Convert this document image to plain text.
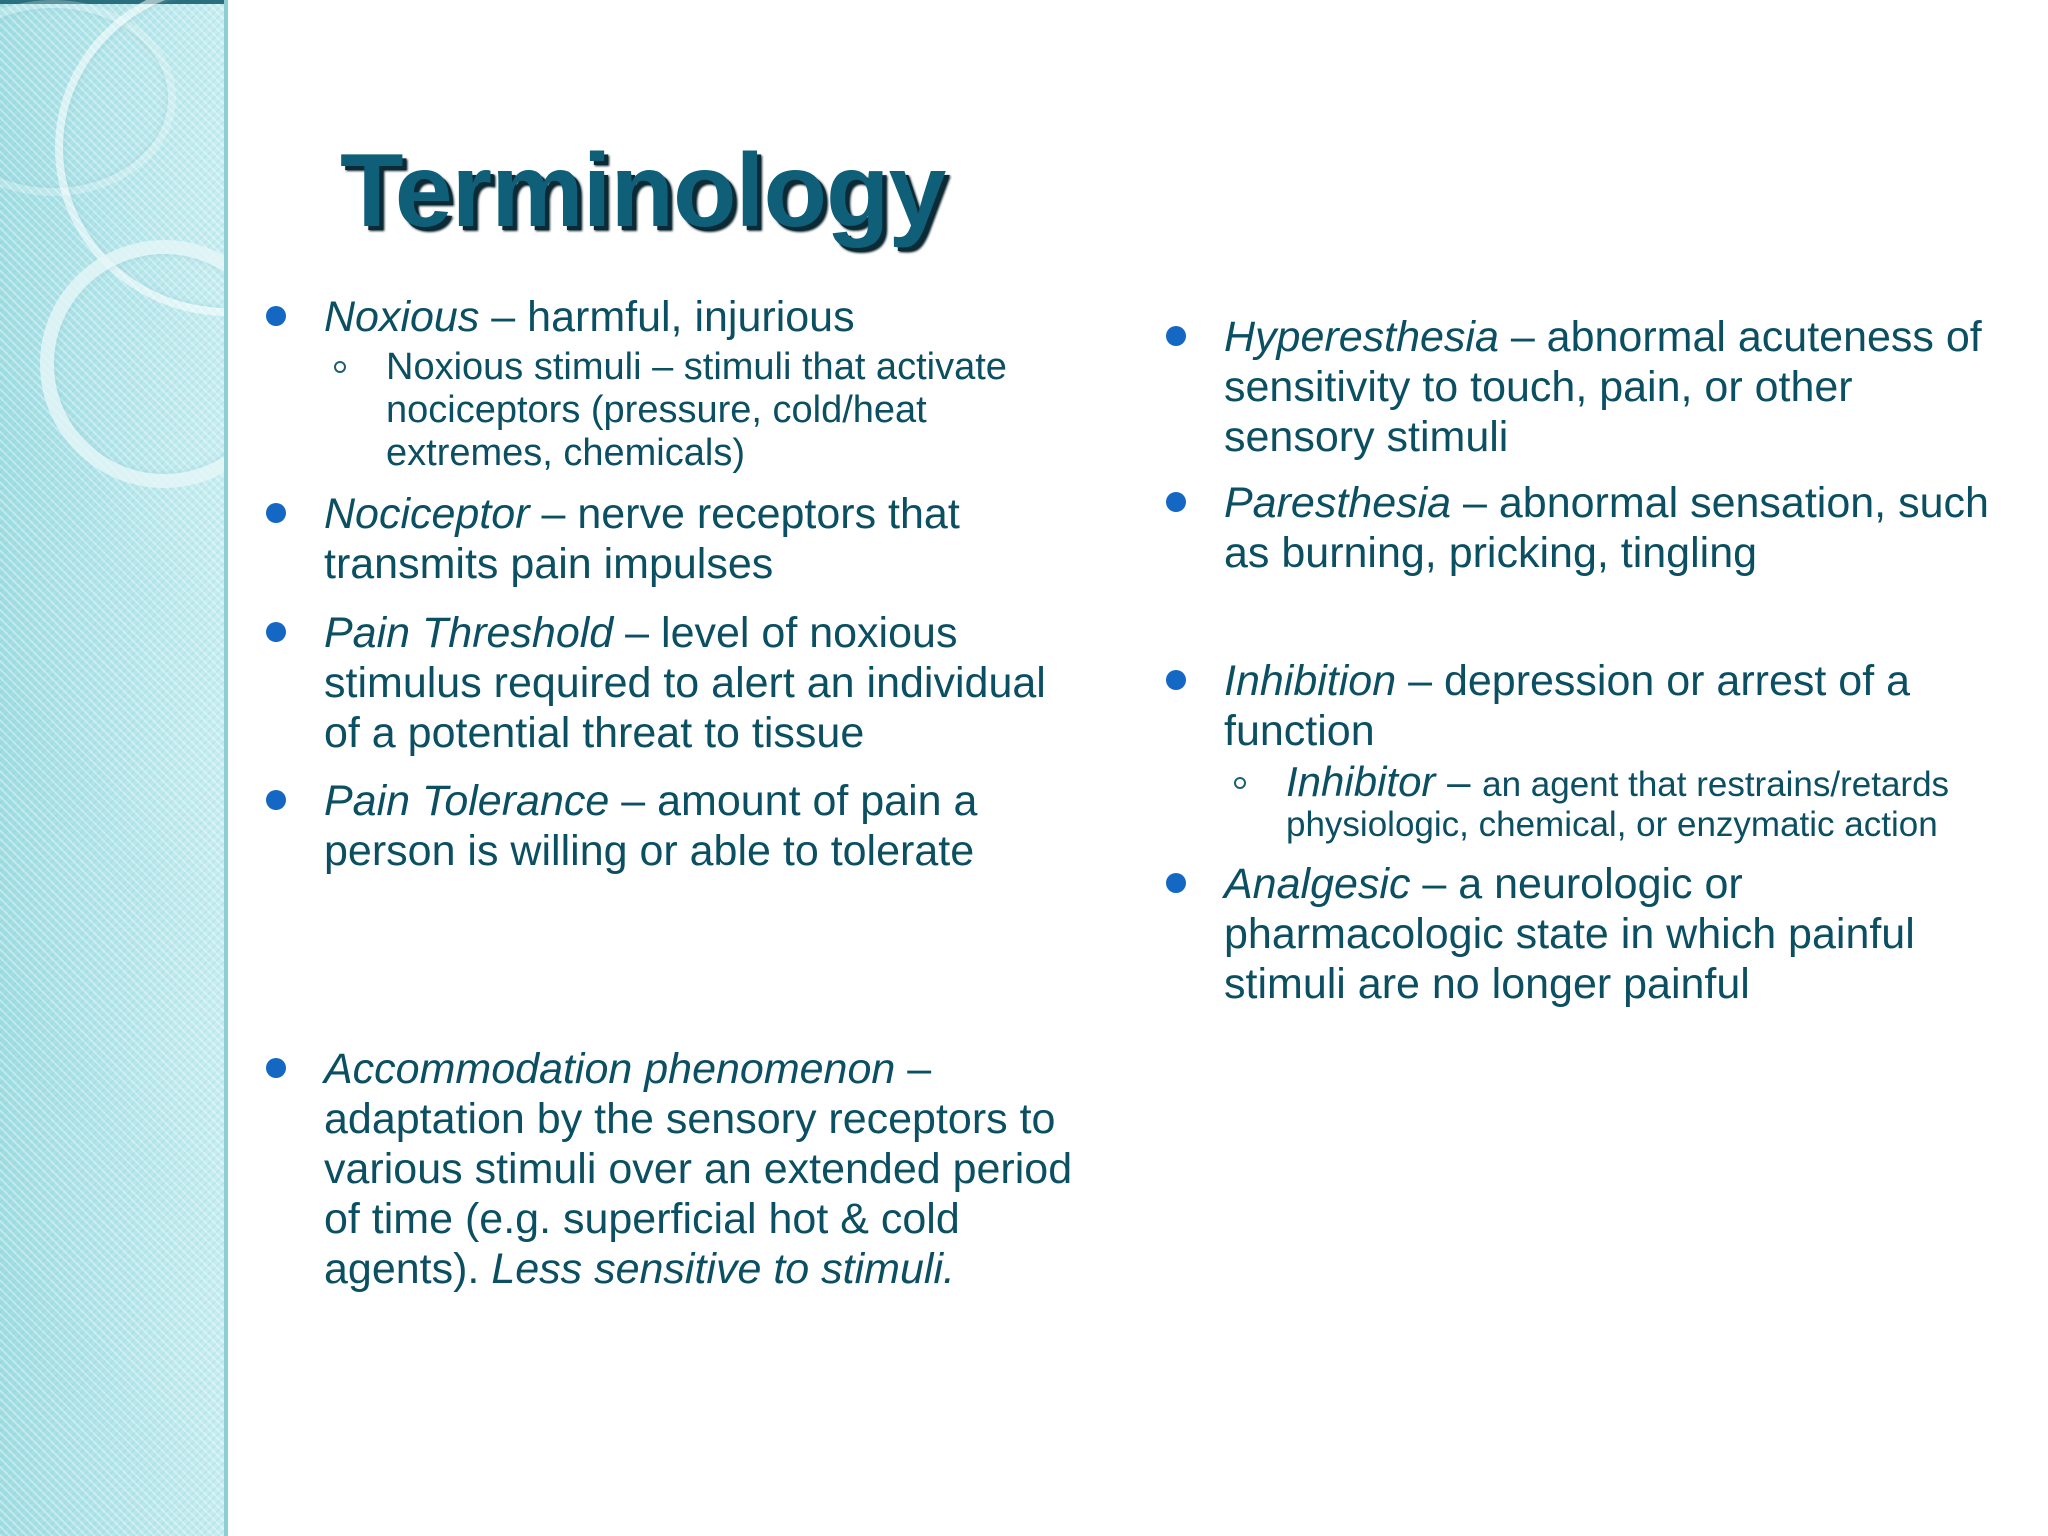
Terminology
Noxious – harmful, injurious
Noxious stimuli – stimuli that activate nociceptors (pressure, cold/heat extremes, chemicals)
Nociceptor – nerve receptors that transmits pain impulses
Pain Threshold – level of noxious stimulus required to alert an individual of a potential threat to tissue
Pain Tolerance – amount of pain a person is willing or able to tolerate
Accommodation phenomenon – adaptation by the sensory receptors to various stimuli over an extended period of time (e.g. superficial hot & cold agents). Less sensitive to stimuli.
Hyperesthesia – abnormal acuteness of sensitivity to touch, pain, or other sensory stimuli
Paresthesia – abnormal sensation, such as burning, pricking, tingling
Inhibition – depression or arrest of a function
Inhibitor – an agent that restrains/retards physiologic, chemical, or enzymatic action
Analgesic – a neurologic or pharmacologic state in which painful stimuli are no longer painful
